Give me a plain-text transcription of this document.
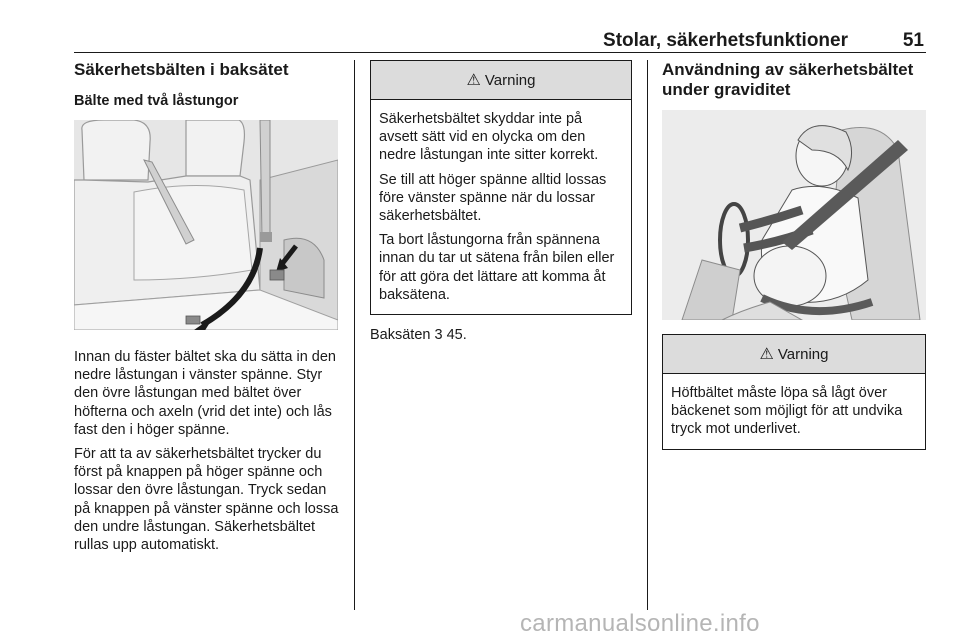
Stolar, säkerhetsfunktioner	51
Säkerhetsbälten i baksätet
Bälte med två låstungor

Innan du fäster bältet ska du sätta in den nedre låstungan i vänster spänne. Styr den övre låstungan med bältet över höfterna och axeln (vrid det inte) och lås fast den i höger spänne.

För att ta av säkerhetsbältet trycker du först på knappen på höger spänne och lossar den övre låstungan. Tryck sedan på knappen på vänster spänne och lossa den undre låstungan. Säkerhetsbältet rullas upp automatiskt.

⚠ Varning

Säkerhetsbältet skyddar inte på avsett sätt vid en olycka om den nedre låstungan inte sitter korrekt.

Se till att höger spänne alltid lossas före vänster spänne när du lossar säkerhetsbältet.

Ta bort låstungorna från spännena innan du tar ut sätena från bilen eller för att göra det lättare att komma åt baksätena.

Baksäten 3 45.
Användning av säkerhetsbältet under graviditet
⚠ Varning

Höftbältet måste löpa så lågt över bäckenet som möjligt för att undvika tryck mot underlivet.

carmanualsonline.info
